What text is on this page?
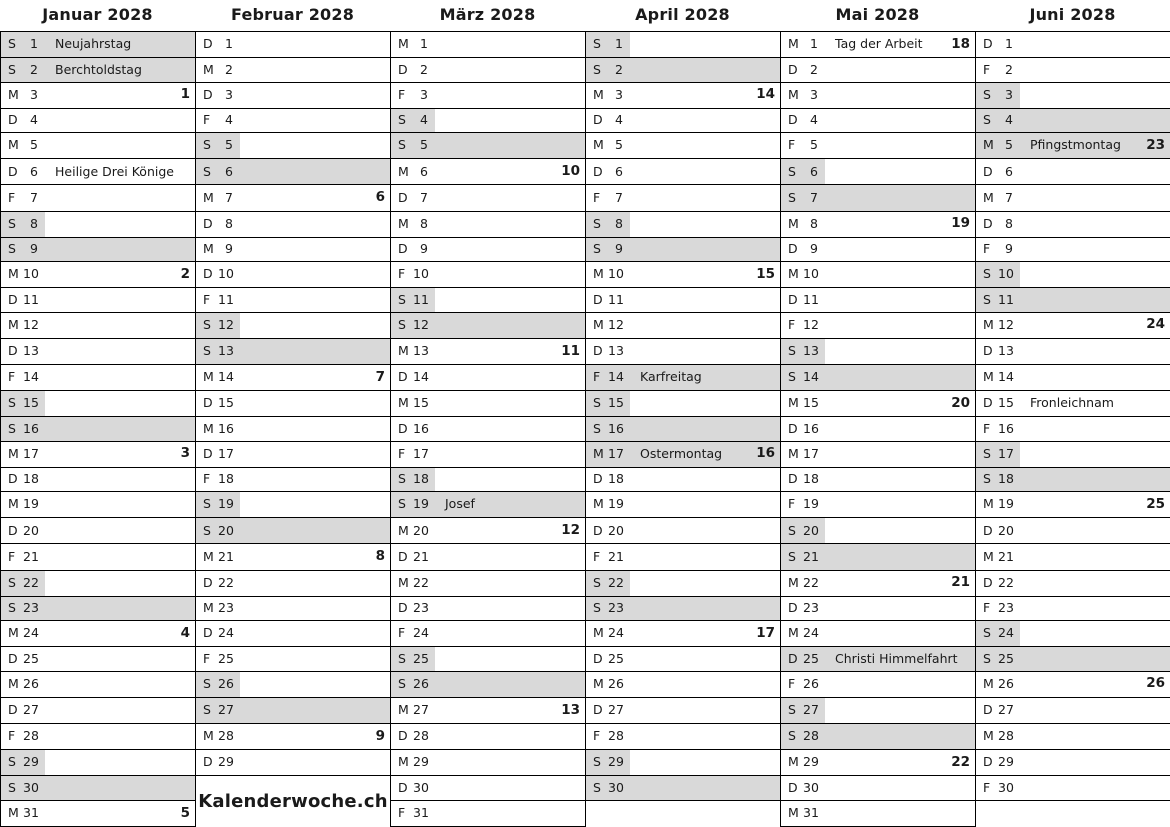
Januar 2028	Februar 2028	März 2028	April 2028	Mai 2028	Juni 2028
S 1 Neujahrstag	D 1	M 1	S 1	M 1 Tag der Arbeit 18	D 1

S 2 Berchtoldstag	M 2	D 2	S 2	D 2	F 2

M 3 1	D 3	F 3	M 3 14	M 3	S 3

D 4	F 4	S 4	D 4	D 4	S 4

M 5	S 5	S 5	M 5	F 5	M 5 Pfingstmontag 23

D 6 Heilige Drei Könige	S 6	M 6 10	D 6	S 6	D 6

F 7	M 7 6	D 7	F 7	S 7	M 7

S 8	D 8	M 8	S 8	M 8 19	D 8

S 9	M 9	D 9	S 9	D 9	F 9

M 10 2	D 10	F 10	M 10 15	M 10	S 10

D 11	F 11	S 11	D 11	D 11	S 11

M 12	S 12	S 12	M 12	F 12	M 12 24

D 13	S 13	M 13 11	D 13	S 13	D 13

F 14	M 14 7	D 14	F 14 Karfreitag	S 14	M 14

S 15	D 15	M 15	S 15	M 15 20	D 15 Fronleichnam

S 16	M 16	D 16	S 16	D 16	F 16

M 17 3	D 17	F 17	M 17 Ostermontag 16	M 17	S 17

D 18	F 18	S 18	D 18	D 18	S 18

M 19	S 19	S 19 Josef	M 19	F 19	M 19 25

D 20	S 20	M 20 12	D 20	S 20	D 20

F 21	M 21 8	D 21	F 21	S 21	M 21

S 22	D 22	M 22	S 22	M 22 21	D 22

S 23	M 23	D 23	S 23	D 23	F 23

M 24 4	D 24	F 24	M 24 17	M 24	S 24

D 25	F 25	S 25	D 25	D 25 Christi Himmelfahrt	S 25

M 26	S 26	S 26	M 26	F 26	M 26 26

D 27	S 27	M 27 13	D 27	S 27	D 27

F 28	M 28 9	D 28	F 28	S 28	M 28

S 29	D 29	M 29	S 29	M 29 22	D 29

S 30	Kalenderwoche.ch	D 30	S 30	D 30	F 30

M 31 5		F 31		M 31	
